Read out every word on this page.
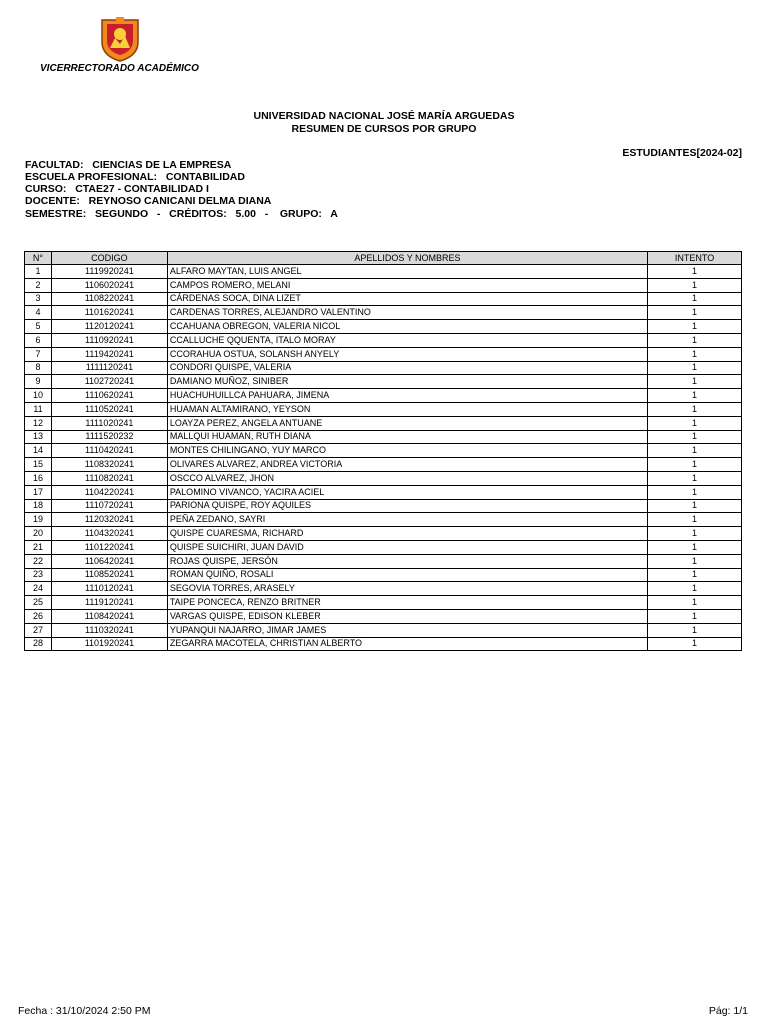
VICERRECTORADO ACADÉMICO
UNIVERSIDAD NACIONAL JOSÉ MARÍA ARGUEDAS
RESUMEN DE CURSOS POR GRUPO
ESTUDIANTES[2024-02]
FACULTAD: CIENCIAS DE LA EMPRESA
ESCUELA PROFESIONAL: CONTABILIDAD
CURSO: CTAE27 - CONTABILIDAD I
DOCENTE: REYNOSO CANICANI DELMA DIANA
SEMESTRE: SEGUNDO - CRÉDITOS: 5.00 - GRUPO: A
N°	CODIGO	APELLIDOS Y NOMBRES	INTENTO
1	1119920241	ALFARO MAYTAN, LUIS ANGEL	1
2	1106020241	CAMPOS ROMERO, MELANI	1
3	1108220241	CÁRDENAS SOCA, DINA LIZET	1
4	1101620241	CARDENAS TORRES, ALEJANDRO VALENTINO	1
5	1120120241	CCAHUANA OBREGON, VALERIA NICOL	1
6	1110920241	CCALLUCHE QQUENTA, ITALO MORAY	1
7	1119420241	CCORAHUA OSTUA, SOLANSH ANYELY	1
8	1111120241	CONDORI QUISPE, VALERIA	1
9	1102720241	DAMIANO MUÑOZ, SINIBER	1
10	1110620241	HUACHUHUILLCA PAHUARA, JIMENA	1
11	1110520241	HUAMAN ALTAMIRANO, YEYSON	1
12	1111020241	LOAYZA PEREZ, ANGELA ANTUANE	1
13	1111520232	MALLQUI HUAMAN, RUTH DIANA	1
14	1110420241	MONTES CHILINGANO, YUY MARCO	1
15	1108320241	OLIVARES ALVAREZ, ANDREA VICTORIA	1
16	1110820241	OSCCO ALVAREZ, JHON	1
17	1104220241	PALOMINO VIVANCO, YACIRA ACIEL	1
18	1110720241	PARIONA QUISPE, ROY AQUILES	1
19	1120320241	PEÑA ZEDANO, SAYRI	1
20	1104320241	QUISPE CUARESMA, RICHARD	1
21	1101220241	QUISPE SUICHIRI, JUAN DAVID	1
22	1106420241	ROJAS QUISPE, JERSÓN	1
23	1108520241	ROMAN QUIÑO, ROSALI	1
24	1110120241	SEGOVIA TORRES, ARASELY	1
25	1119120241	TAIPE PONCECA, RENZO BRITNER	1
26	1108420241	VARGAS QUISPE, EDISON KLEBER	1
27	1110320241	YUPANQUI NAJARRO, JIMAR JAMES	1
28	1101920241	ZEGARRA MACOTELA, CHRISTIAN ALBERTO	1
Fecha : 31/10/2024 2:50 PM	Pág: 1/1
